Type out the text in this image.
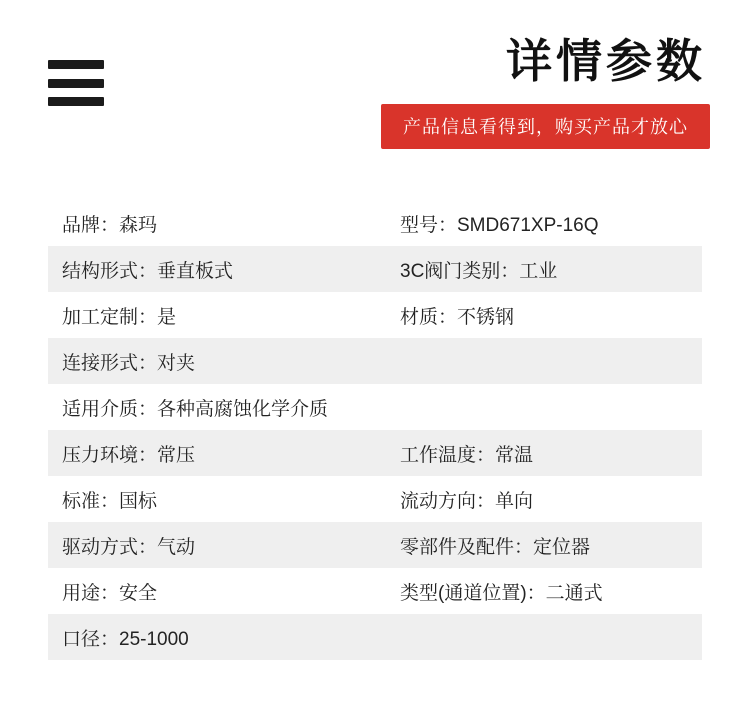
详情参数
产品信息看得到，购买产品才放心
品牌：森玛	型号：SMD671XP-16Q
结构形式：垂直板式	3C阀门类别：工业
加工定制：是	材质：不锈钢
连接形式：对夹
适用介质：各种高腐蚀化学介质
压力环境：常压	工作温度：常温
标准：国标	流动方向：单向
驱动方式：气动	零部件及配件：定位器
用途：安全	类型(通道位置)：二通式
口径：25-1000
